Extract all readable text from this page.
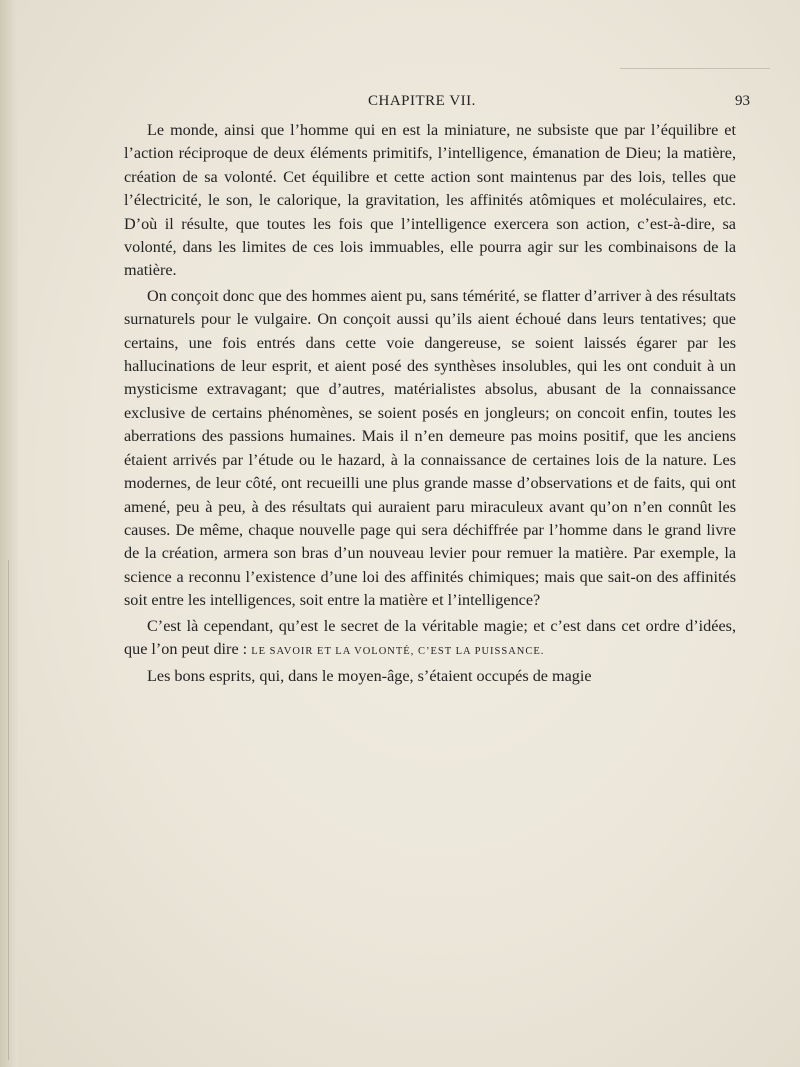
CHAPITRE VII.	93

Le monde, ainsi que l’homme qui en est la miniature, ne subsiste que par l’équilibre et l’action réciproque de deux éléments primitifs, l’intelligence, émanation de Dieu; la matière, création de sa volonté. Cet équilibre et cette action sont maintenus par des lois, telles que l’électricité, le son, le calorique, la gravitation, les affinités atômiques et moléculaires, etc. D’où il résulte, que toutes les fois que l’intelligence exercera son action, c’est-à-dire, sa volonté, dans les limites de ces lois immuables, elle pourra agir sur les combinaisons de la matière.

On conçoit donc que des hommes aient pu, sans témérité, se flatter d’arriver à des résultats surnaturels pour le vulgaire. On conçoit aussi qu’ils aient échoué dans leurs tentatives; que certains, une fois entrés dans cette voie dangereuse, se soient laissés égarer par les hallucinations de leur esprit, et aient posé des synthèses insolubles, qui les ont conduit à un mysticisme extravagant; que d’autres, matérialistes absolus, abusant de la connaissance exclusive de certains phénomènes, se soient posés en jongleurs; on concoit enfin, toutes les aberrations des passions humaines. Mais il n’en demeure pas moins positif, que les anciens étaient arrivés par l’étude ou le hazard, à la connaissance de certaines lois de la nature. Les modernes, de leur côté, ont recueilli une plus grande masse d’observations et de faits, qui ont amené, peu à peu, à des résultats qui auraient paru miraculeux avant qu’on n’en connût les causes. De même, chaque nouvelle page qui sera déchiffrée par l’homme dans le grand livre de la création, armera son bras d’un nouveau levier pour remuer la matière. Par exemple, la science a reconnu l’existence d’une loi des affinités chimiques; mais que sait-on des affinités soit entre les intelligences, soit entre la matière et l’intelligence?

C’est là cependant, qu’est le secret de la véritable magie; et c’est dans cet ordre d’idées, que l’on peut dire : LE SAVOIR ET LA VOLONTÉ, C’EST LA PUISSANCE.

Les bons esprits, qui, dans le moyen-âge, s’étaient occupés de magie
